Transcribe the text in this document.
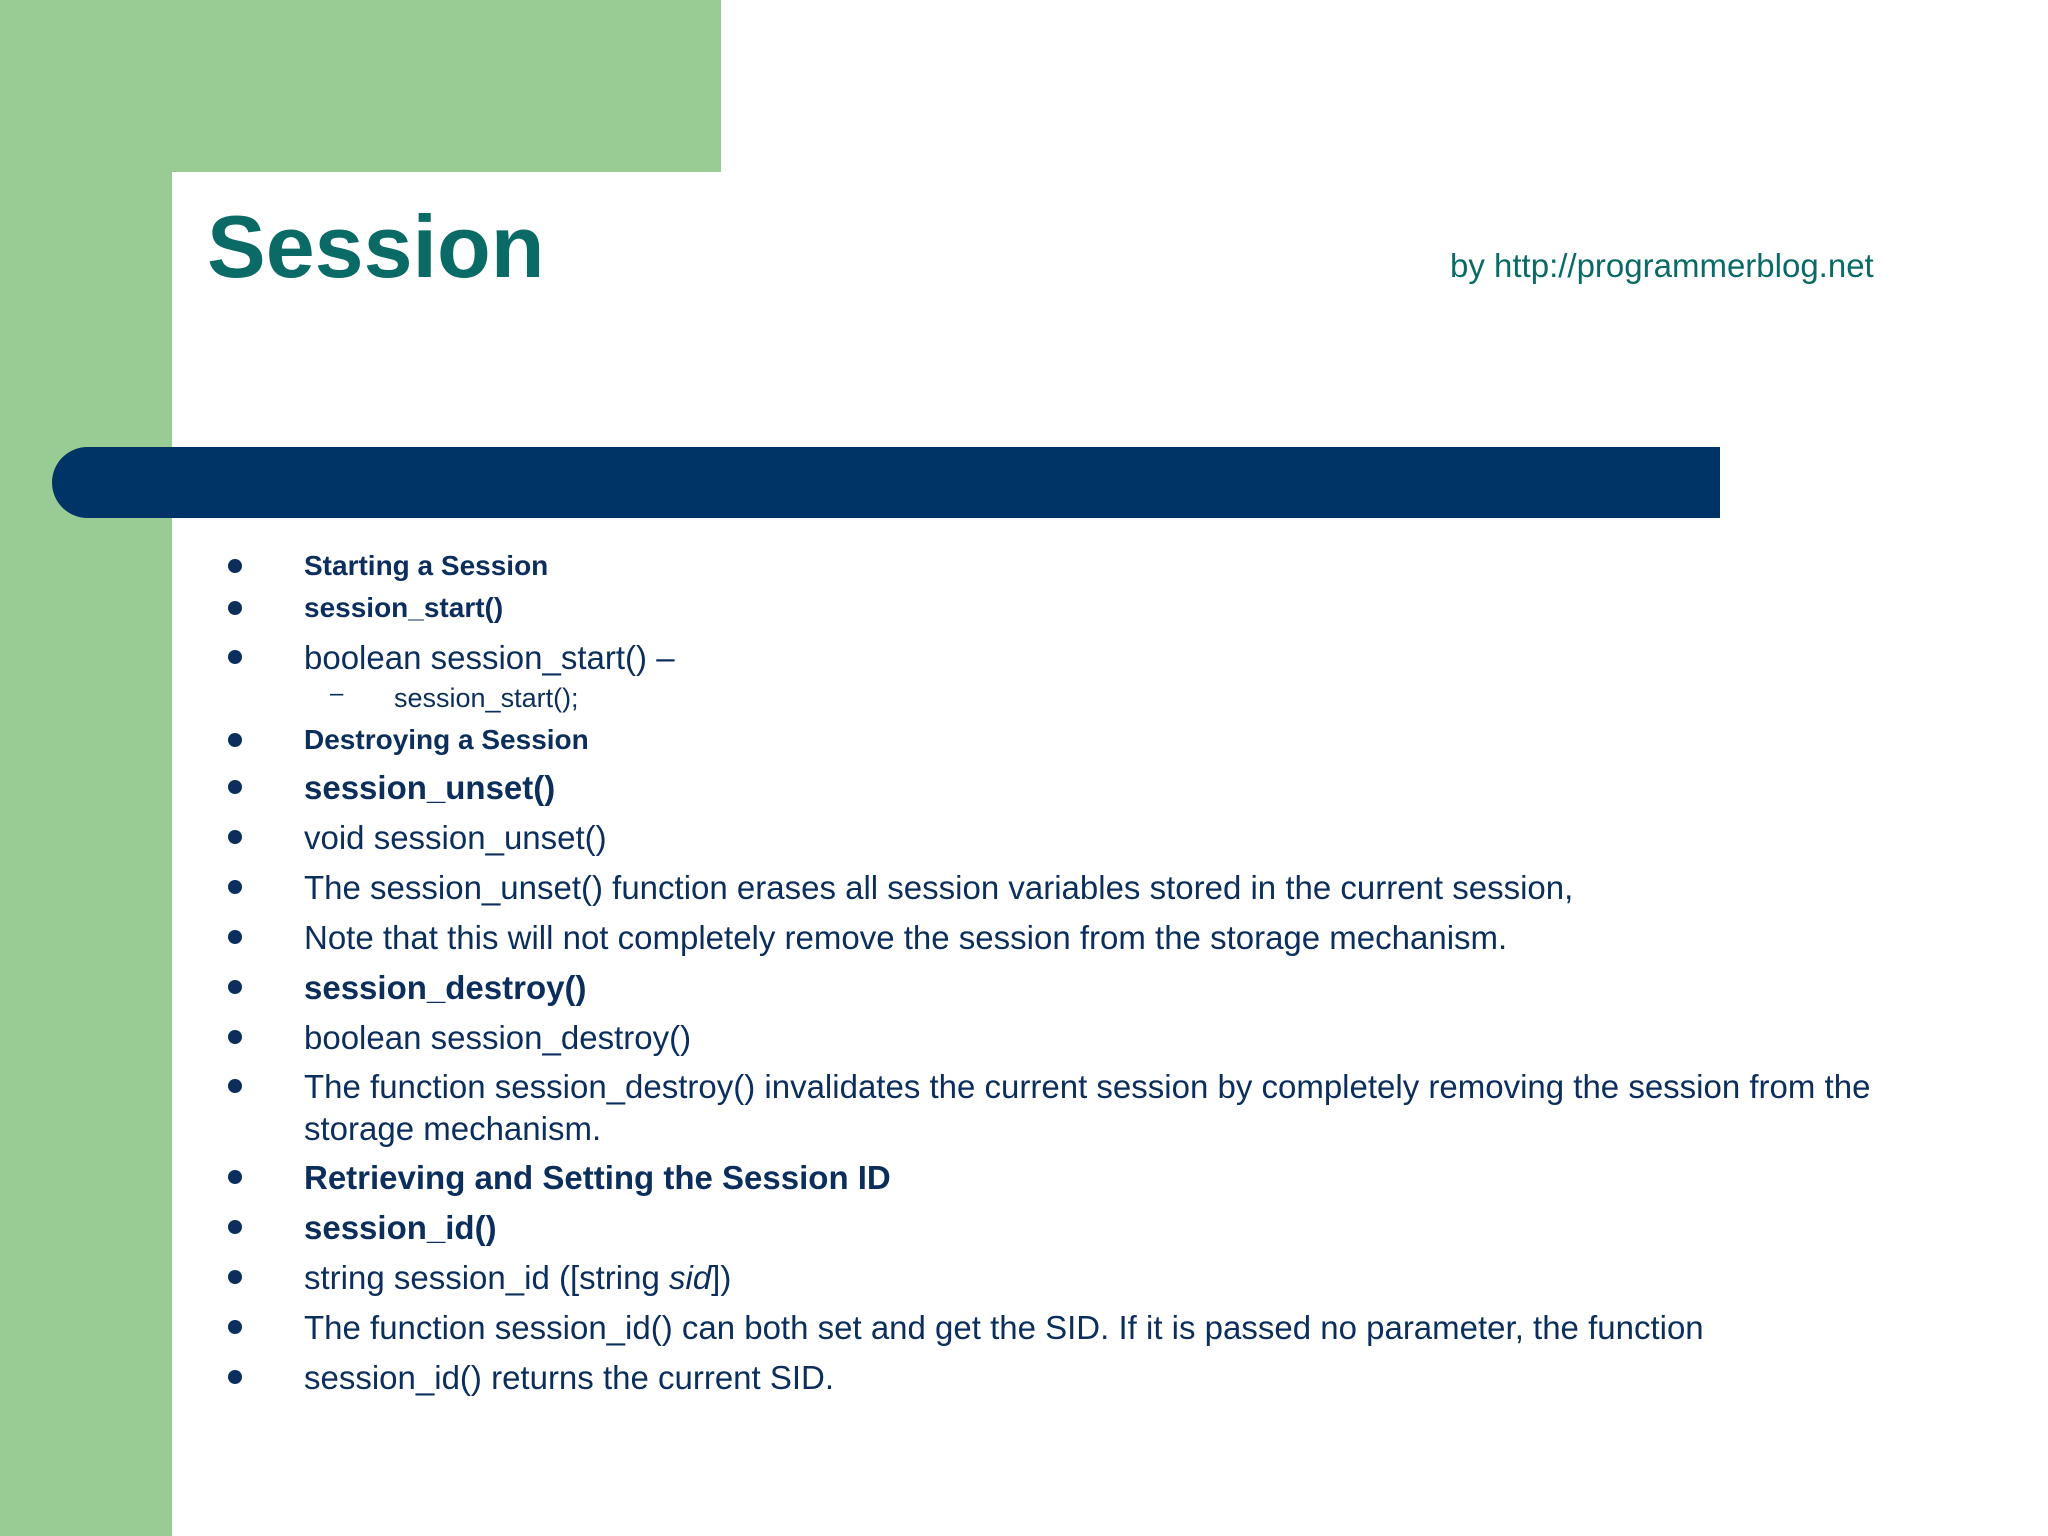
Session	by http://programmerblog.net
Starting a Session
session_start()
boolean session_start() –
– session_start();
Destroying a Session
session_unset()
void session_unset()
The session_unset() function erases all session variables stored in the current session,
Note that this will not completely remove the session from the storage mechanism.
session_destroy()
boolean session_destroy()
The function session_destroy() invalidates the current session by completely removing the session from the storage mechanism.
Retrieving and Setting the Session ID
session_id()
string session_id ([string sid])
The function session_id() can both set and get the SID. If it is passed no parameter, the function
session_id() returns the current SID.
